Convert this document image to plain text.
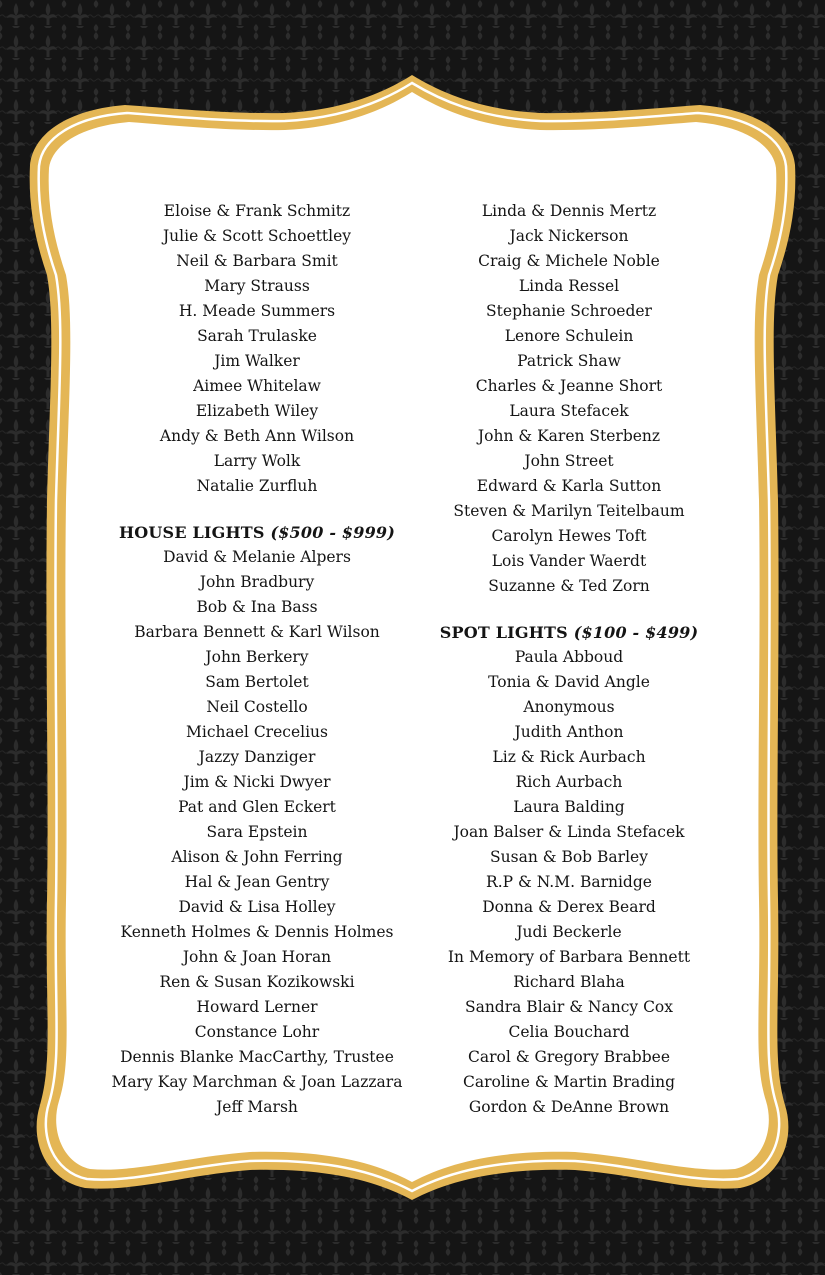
Eloise & Frank Schmitz
Julie & Scott Schoettley
Neil & Barbara Smit
Mary Strauss
H. Meade Summers
Sarah Trulaske
Jim Walker
Aimee Whitelaw
Elizabeth Wiley
Andy & Beth Ann Wilson
Larry Wolk
Natalie Zurfluh
HOUSE LIGHTS ($500 - $999)
David & Melanie Alpers
John Bradbury
Bob & Ina Bass
Barbara Bennett & Karl Wilson
John Berkery
Sam Bertolet
Neil Costello
Michael Crecelius
Jazzy Danziger
Jim & Nicki Dwyer
Pat and Glen Eckert
Sara Epstein
Alison & John Ferring
Hal & Jean Gentry
David & Lisa Holley
Kenneth Holmes & Dennis Holmes
John & Joan Horan
Ren & Susan Kozikowski
Howard Lerner
Constance Lohr
Dennis Blanke MacCarthy, Trustee
Mary Kay Marchman & Joan Lazzara
Jeff Marsh
Linda & Dennis Mertz
Jack Nickerson
Craig & Michele Noble
Linda Ressel
Stephanie Schroeder
Lenore Schulein
Patrick Shaw
Charles & Jeanne Short
Laura Stefacek
John & Karen Sterbenz
John Street
Edward & Karla Sutton
Steven & Marilyn Teitelbaum
Carolyn Hewes Toft
Lois Vander Waerdt
Suzanne & Ted Zorn
SPOT LIGHTS ($100 - $499)
Paula Abboud
Tonia & David Angle
Anonymous
Judith Anthon
Liz & Rick Aurbach
Rich Aurbach
Laura Balding
Joan Balser & Linda Stefacek
Susan & Bob Barley
R.P & N.M. Barnidge
Donna & Derex Beard
Judi Beckerle
In Memory of Barbara Bennett
Richard Blaha
Sandra Blair & Nancy Cox
Celia Bouchard
Carol & Gregory Brabbee
Caroline & Martin Brading
Gordon & DeAnne Brown
